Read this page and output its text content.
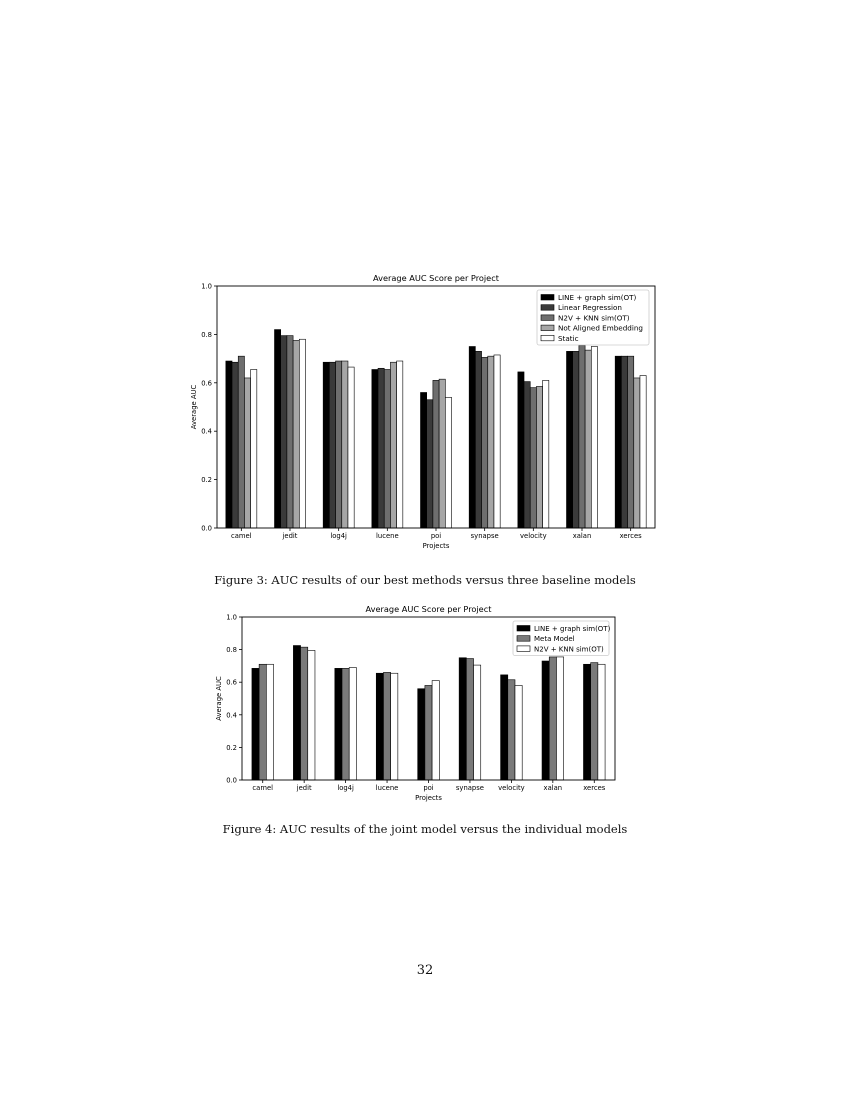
Average AUC Score per Project
0.0
0.2
0.4
0.6
0.8
1.0
Average AUC
camel	jedit	log4j	lucene	poi	synapse	velocity	xalan	xerces
Projects
LINE + graph sim(OT)
Linear Regression
N2V + KNN sim(OT)
Not Aligned Embedding
Static
Average AUC Score per Project
0.0
0.2
0.4
0.6
0.8
1.0
Average AUC
camel	jedit	log4j	lucene	poi	synapse velocity	xalan	xerces
Projects
LINE + graph sim(OT)
Meta Model
N2V + KNN sim(OT)
Figure 3: AUC results of our best methods versus three baseline models
Figure 4: AUC results of the joint model versus the individual models
32
